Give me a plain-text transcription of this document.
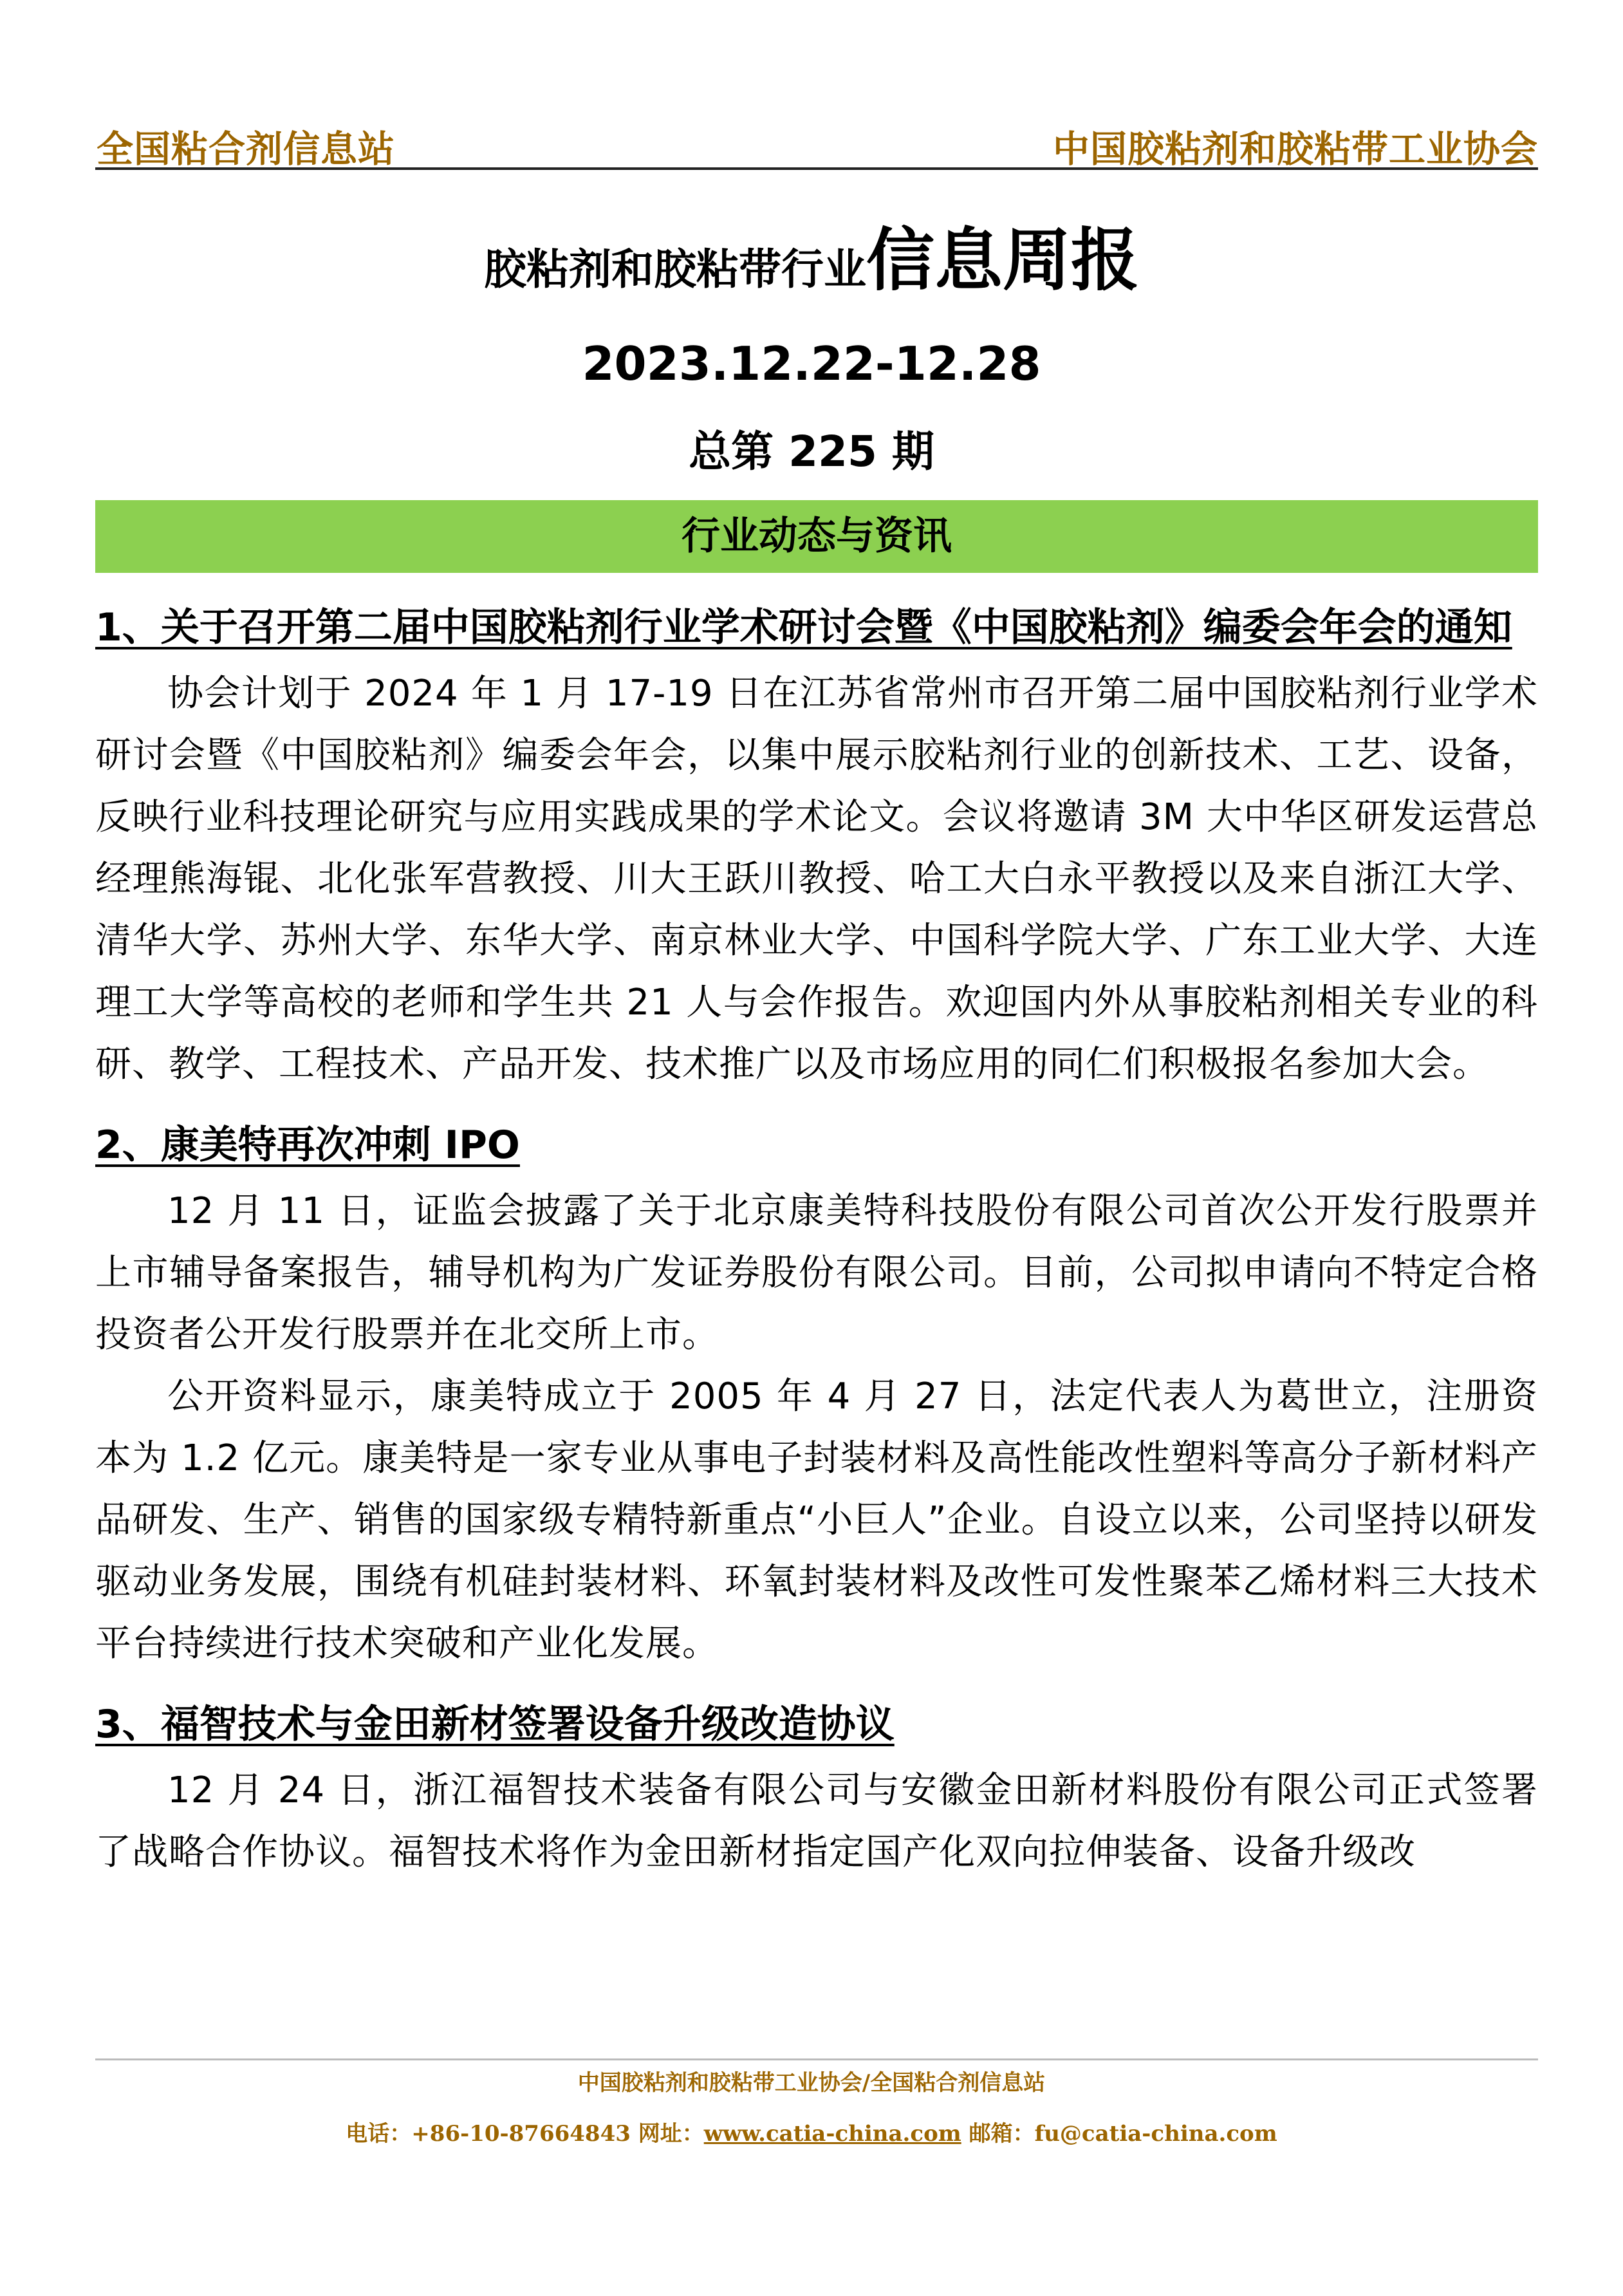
全国粘合剂信息站	中国胶粘剂和胶粘带工业协会
胶粘剂和胶粘带行业信息周报
2023.12.22-12.28
总第 225 期
行业动态与资讯
1、关于召开第二届中国胶粘剂行业学术研讨会暨《中国胶粘剂》编委会年会的通知

协会计划于 2024 年 1 月 17-19 日在江苏省常州市召开第二届中国胶粘剂行业学术研讨会暨《中国胶粘剂》编委会年会，以集中展示胶粘剂行业的创新技术、工艺、设备，反映行业科技理论研究与应用实践成果的学术论文。会议将邀请 3M 大中华区研发运营总经理熊海锟、北化张军营教授、川大王跃川教授、哈工大白永平教授以及来自浙江大学、清华大学、苏州大学、东华大学、南京林业大学、中国科学院大学、广东工业大学、大连理工大学等高校的老师和学生共 21 人与会作报告。欢迎国内外从事胶粘剂相关专业的科研、教学、工程技术、产品开发、技术推广以及市场应用的同仁们积极报名参加大会。

2、康美特再次冲刺 IPO

12 月 11 日，证监会披露了关于北京康美特科技股份有限公司首次公开发行股票并上市辅导备案报告，辅导机构为广发证券股份有限公司。目前，公司拟申请向不特定合格投资者公开发行股票并在北交所上市。

公开资料显示，康美特成立于 2005 年 4 月 27 日，法定代表人为葛世立，注册资本为 1.2 亿元。康美特是一家专业从事电子封装材料及高性能改性塑料等高分子新材料产品研发、生产、销售的国家级专精特新重点“小巨人”企业。自设立以来，公司坚持以研发驱动业务发展，围绕有机硅封装材料、环氧封装材料及改性可发性聚苯乙烯材料三大技术平台持续进行技术突破和产业化发展。

3、福智技术与金田新材签署设备升级改造协议

12 月 24 日，浙江福智技术装备有限公司与安徽金田新材料股份有限公司正式签署了战略合作协议。福智技术将作为金田新材指定国产化双向拉伸装备、设备升级改

中国胶粘剂和胶粘带工业协会/全国粘合剂信息站
电话：+86-10-87664843 网址：www.catia-china.com 邮箱：fu@catia-china.com
